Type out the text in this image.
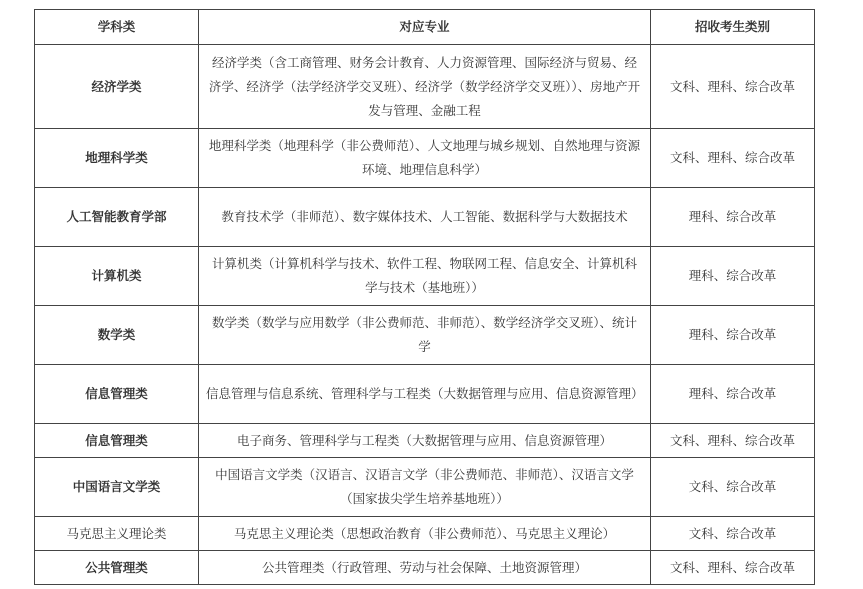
学科类	对应专业	招收考生类别
经济学类	经济学类（含工商管理、财务会计教育、人力资源管理、国际经济与贸易、经济学、经济学（法学经济学交叉班）、经济学（数学经济学交叉班））、房地产开发与管理、金融工程	文科、理科、综合改革
地理科学类	地理科学类（地理科学（非公费师范）、人文地理与城乡规划、自然地理与资源环境、地理信息科学）	文科、理科、综合改革
人工智能教育学部	教育技术学（非师范）、数字媒体技术、人工智能、数据科学与大数据技术	理科、综合改革
计算机类	计算机类（计算机科学与技术、软件工程、物联网工程、信息安全、计算机科学与技术（基地班））	理科、综合改革
数学类	数学类（数学与应用数学（非公费师范、非师范）、数学经济学交叉班）、统计学	理科、综合改革
信息管理类	信息管理与信息系统、管理科学与工程类（大数据管理与应用、信息资源管理）	理科、综合改革
信息管理类	电子商务、管理科学与工程类（大数据管理与应用、信息资源管理）	文科、理科、综合改革
中国语言文学类	中国语言文学类（汉语言、汉语言文学（非公费师范、非师范）、汉语言文学（国家拔尖学生培养基地班））	文科、综合改革
马克思主义理论类	马克思主义理论类（思想政治教育（非公费师范）、马克思主义理论）	文科、综合改革
公共管理类	公共管理类（行政管理、劳动与社会保障、土地资源管理）	文科、理科、综合改革
